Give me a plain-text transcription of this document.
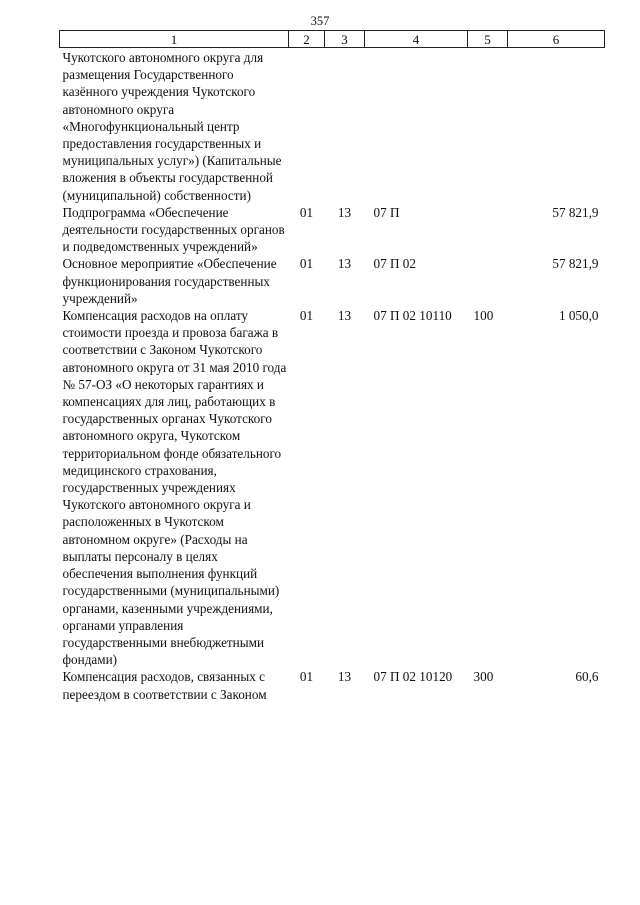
357
1	2	3	4	5	6
Чукотского автономного округа для размещения Государственного казённого учреждения Чукотского автономного округа «Многофункциональный центр предоставления государственных и муниципальных услуг») (Капитальные вложения в объекты государственной (муниципальной) собственности)					
Подпрограмма «Обеспечение деятельности государственных органов и подведомственных учреждений»	01	13	07 П		57 821,9
Основное мероприятие «Обеспечение функционирования государственных учреждений»	01	13	07 П 02		57 821,9
Компенсация расходов на оплату стоимости проезда и провоза багажа в соответствии с Законом Чукотского автономного округа от 31 мая 2010 года № 57-ОЗ «О некоторых гарантиях и компенсациях для лиц, работающих в государственных органах Чукотского автономного округа, Чукотском территориальном фонде обязательного медицинского страхования, государственных учреждениях Чукотского автономного округа и расположенных в Чукотском автономном округе» (Расходы на выплаты персоналу в целях обеспечения выполнения функций государственными (муниципальными) органами, казенными учреждениями, органами управления государственными внебюджетными фондами)	01	13	07 П 02 10110	100	1 050,0
Компенсация расходов, связанных с переездом в соответствии с Законом	01	13	07 П 02 10120	300	60,6
